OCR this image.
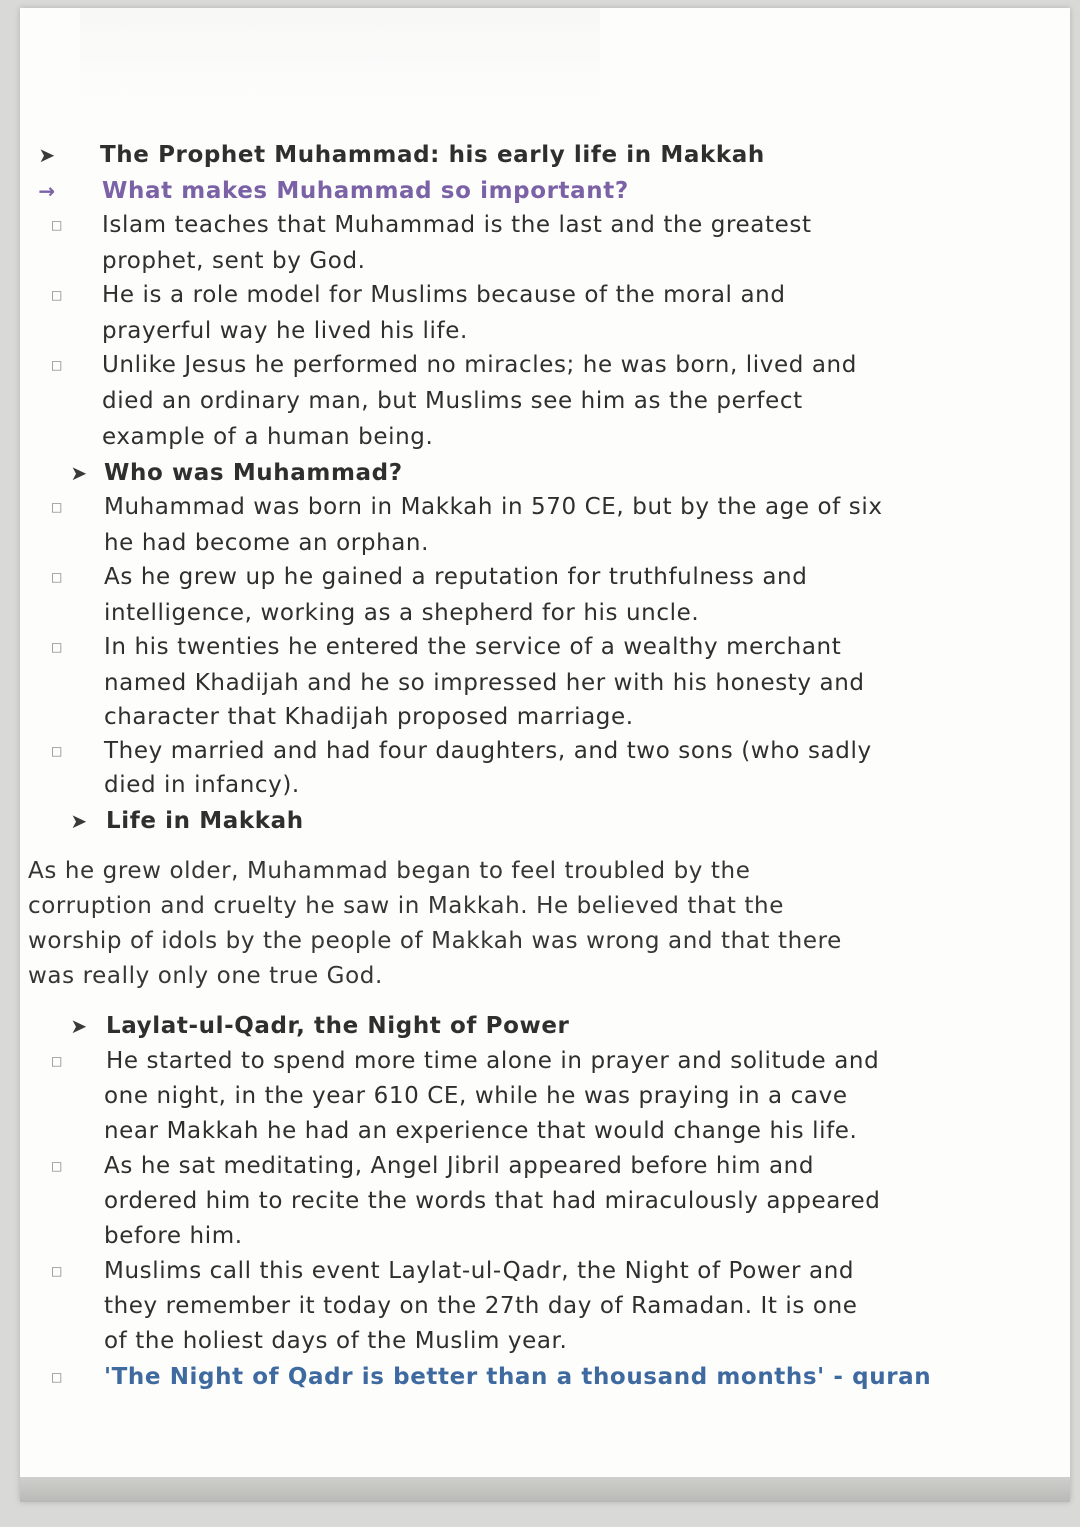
➤ The Prophet Muhammad: his early life in Makkah
→ What makes Muhammad so important?
□	Islam teaches that Muhammad is the last and the greatest
prophet, sent by God.
□	He is a role model for Muslims because of the moral and
prayerful way he lived his life.
□	Unlike Jesus he performed no miracles; he was born, lived and
died an ordinary man, but Muslims see him as the perfect
example of a human being.
➤ Who was Muhammad?
□	Muhammad was born in Makkah in 570 CE, but by the age of six
he had become an orphan.
□	As he grew up he gained a reputation for truthfulness and
intelligence, working as a shepherd for his uncle.
□	In his twenties he entered the service of a wealthy merchant
named Khadijah and he so impressed her with his honesty and
character that Khadijah proposed marriage.
□	They married and had four daughters, and two sons (who sadly
died in infancy).
➤ Life in Makkah
As he grew older, Muhammad began to feel troubled by the
corruption and cruelty he saw in Makkah. He believed that the
worship of idols by the people of Makkah was wrong and that there
was really only one true God.
➤ Laylat-ul-Qadr, the Night of Power
□	He started to spend more time alone in prayer and solitude and
one night, in the year 610 CE, while he was praying in a cave
near Makkah he had an experience that would change his life.
□	As he sat meditating, Angel Jibril appeared before him and
ordered him to recite the words that had miraculously appeared
before him.
□	Muslims call this event Laylat-ul-Qadr, the Night of Power and
they remember it today on the 27th day of Ramadan. It is one
of the holiest days of the Muslim year.
□	'The Night of Qadr is better than a thousand months' - quran
